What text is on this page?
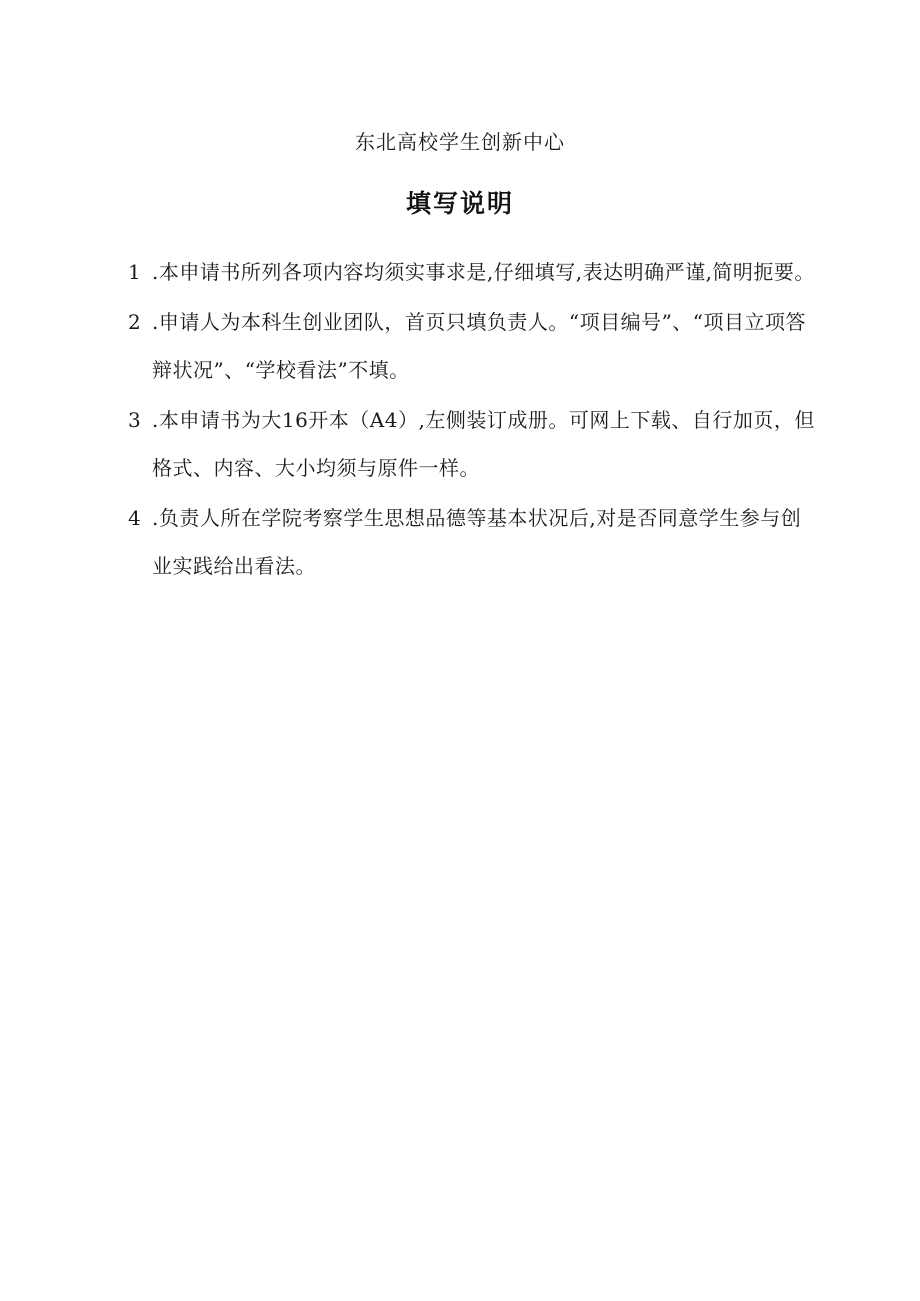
东北高校学生创新中心
填写说明
1 .本申请书所列各项内容均须实事求是,仔细填写,表达明确严谨,简明扼要。
2 .申请人为本科生创业团队，首页只填负责人。“项目编号”、“项目立项答辩状况”、“学校看法”不填。
3 .本申请书为大16开本（A4）,左侧装订成册。可网上下载、自行加页，但格式、内容、大小均须与原件一样。
4 .负责人所在学院考察学生思想品德等基本状况后,对是否同意学生参与创业实践给出看法。
